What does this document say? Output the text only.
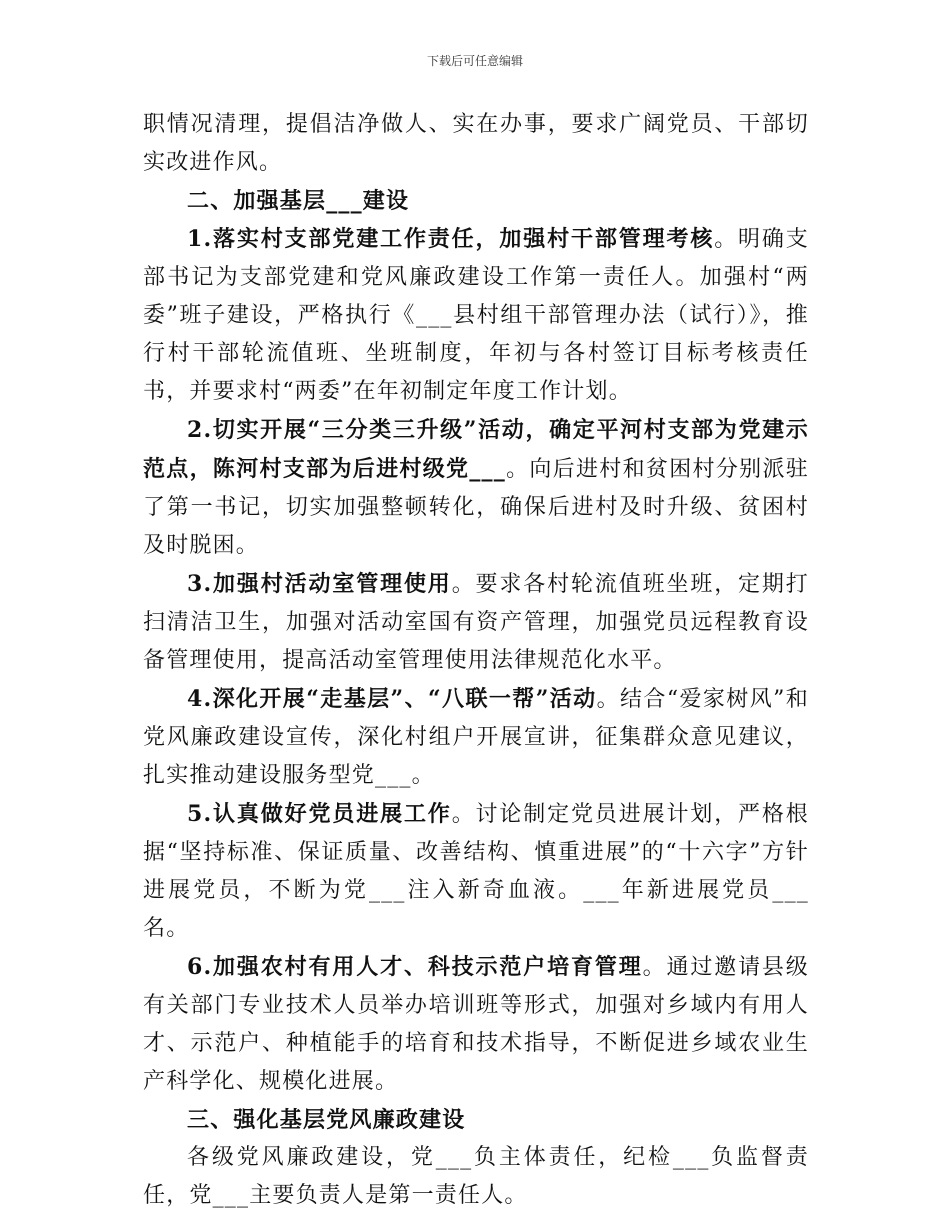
下载后可任意编辑

职情况清理，提倡洁净做人、实在办事，要求广阔党员、干部切实改进作风。

二、加强基层___建设

1.落实村支部党建工作责任，加强村干部管理考核。明确支部书记为支部党建和党风廉政建设工作第一责任人。加强村“两委”班子建设，严格执行《___县村组干部管理办法（试行）》，推行村干部轮流值班、坐班制度，年初与各村签订目标考核责任书，并要求村“两委”在年初制定年度工作计划。

2.切实开展“三分类三升级”活动，确定平河村支部为党建示范点，陈河村支部为后进村级党___。向后进村和贫困村分别派驻了第一书记，切实加强整顿转化，确保后进村及时升级、贫困村及时脱困。

3.加强村活动室管理使用。要求各村轮流值班坐班，定期打扫清洁卫生，加强对活动室国有资产管理，加强党员远程教育设备管理使用，提高活动室管理使用法律规范化水平。

4.深化开展“走基层”、“八联一帮”活动。结合“爱家树风”和党风廉政建设宣传，深化村组户开展宣讲，征集群众意见建议，扎实推动建设服务型党___。

5.认真做好党员进展工作。讨论制定党员进展计划，严格根据“坚持标准、保证质量、改善结构、慎重进展”的“十六字”方针进展党员，不断为党___注入新奇血液。___年新进展党员___名。

6.加强农村有用人才、科技示范户培育管理。通过邀请县级有关部门专业技术人员举办培训班等形式，加强对乡域内有用人才、示范户、种植能手的培育和技术指导，不断促进乡域农业生产科学化、规模化进展。

三、强化基层党风廉政建设

各级党风廉政建设，党___负主体责任，纪检___负监督责任，党___主要负责人是第一责任人。
